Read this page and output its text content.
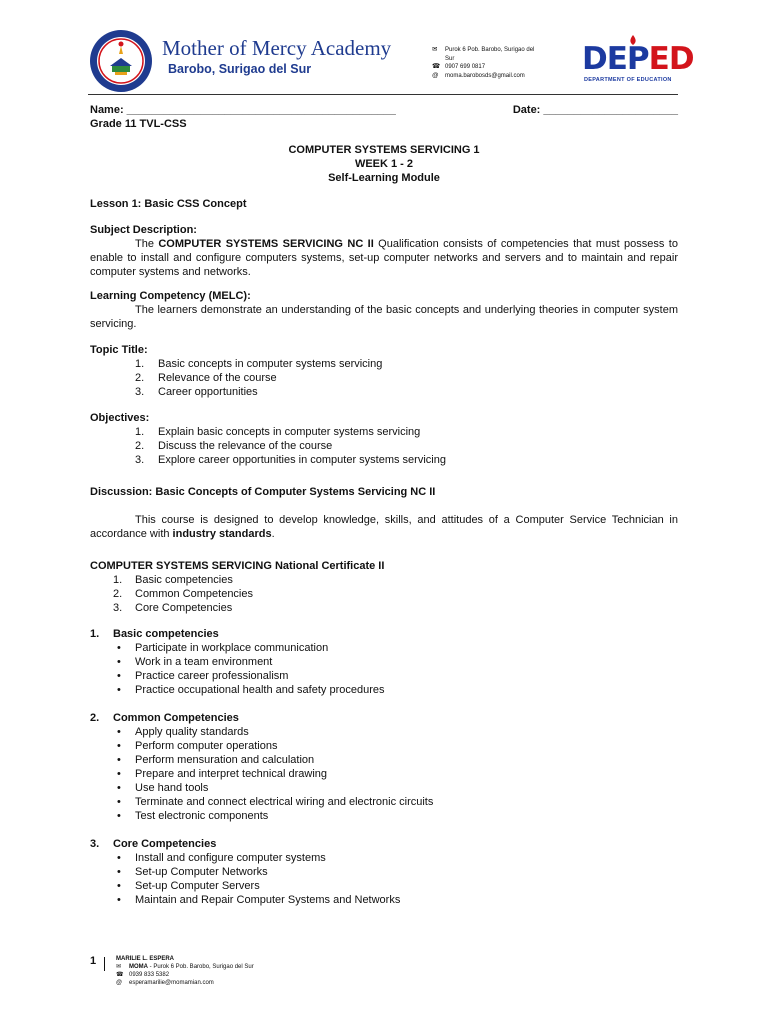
Mother of Mercy Academy
Barobo, Surigao del Sur
✉	Purok 6 Pob. Barobo, Surigao del Sur
☎ 0907 699 0817
@	moma.barobosds@gmail.com DEPED
DEPARTMENT OF EDUCATION
Name: ____________________________________________	Date: ______________________
Grade 11 TVL-CSS
COMPUTER SYSTEMS SERVICING 1
WEEK 1 - 2
Self-Learning Module
Lesson 1: Basic CSS Concept
Subject Description:
The COMPUTER SYSTEMS SERVICING NC II Qualification consists of competencies that must possess to enable to install and configure computers systems, set-up computer networks and servers and to maintain and repair computer systems and networks.
Learning Competency (MELC):
The learners demonstrate an understanding of the basic concepts and underlying theories in computer system servicing.
Topic Title:
1. Basic concepts in computer systems servicing
2. Relevance of the course
3. Career opportunities
Objectives:
1. Explain basic concepts in computer systems servicing
2. Discuss the relevance of the course
3. Explore career opportunities in computer systems servicing
Discussion: Basic Concepts of Computer Systems Servicing NC II
This course is designed to develop knowledge, skills, and attitudes of a Computer Service Technician in accordance with industry standards.
COMPUTER SYSTEMS SERVICING National Certificate II
1. Basic competencies
2. Common Competencies
3. Core Competencies
1. Basic competencies
• Participate in workplace communication
• Work in a team environment
• Practice career professionalism
• Practice occupational health and safety procedures
2. Common Competencies
• Apply quality standards
• Perform computer operations
• Perform mensuration and calculation
• Prepare and interpret technical drawing
• Use hand tools
• Terminate and connect electrical wiring and electronic circuits
• Test electronic components
3. Core Competencies
• Install and configure computer systems
• Set-up Computer Networks
• Set-up Computer Servers
• Maintain and Repair Computer Systems and Networks
1	MARILIE L. ESPERA
✉	MOMA - Purok 6 Pob. Barobo, Surigao del Sur
☎ 0939 833 5382
@	esperamarilie@momamian.com
